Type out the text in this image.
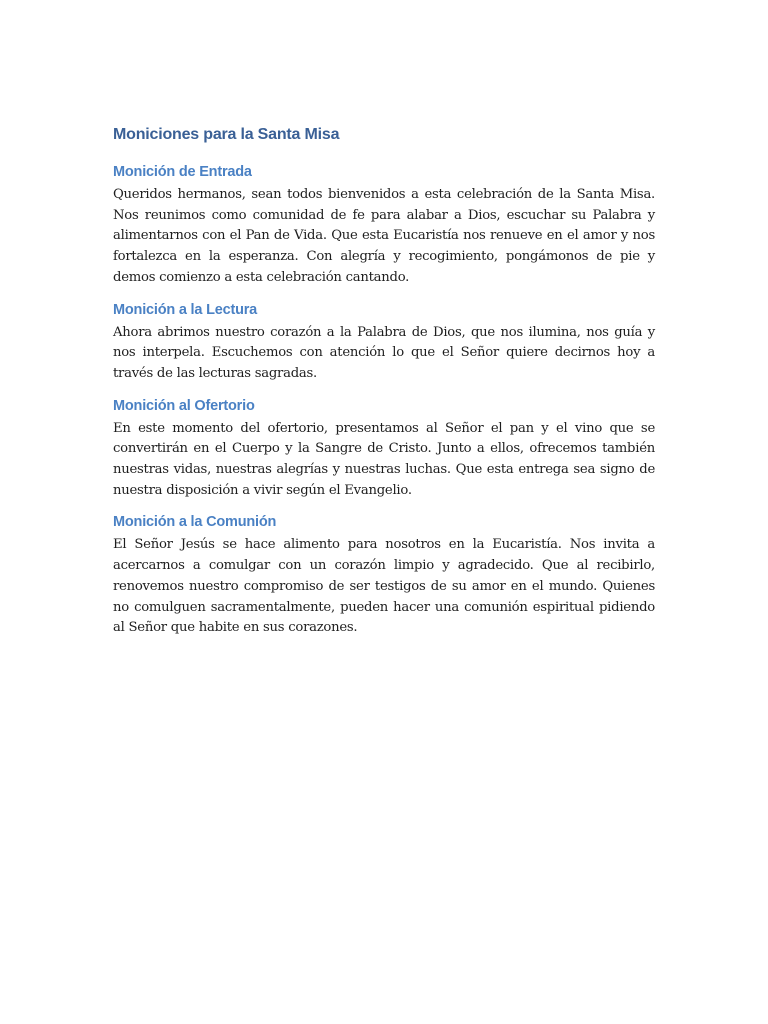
Moniciones para la Santa Misa
Monición de Entrada

Queridos hermanos, sean todos bienvenidos a esta celebración de la Santa Misa. Nos reunimos como comunidad de fe para alabar a Dios, escuchar su Palabra y alimentarnos con el Pan de Vida. Que esta Eucaristía nos renueve en el amor y nos fortalezca en la esperanza. Con alegría y recogimiento, pongámonos de pie y demos comienzo a esta celebración cantando.

Monición a la Lectura

Ahora abrimos nuestro corazón a la Palabra de Dios, que nos ilumina, nos guía y nos interpela. Escuchemos con atención lo que el Señor quiere decirnos hoy a través de las lecturas sagradas.

Monición al Ofertorio

En este momento del ofertorio, presentamos al Señor el pan y el vino que se convertirán en el Cuerpo y la Sangre de Cristo. Junto a ellos, ofrecemos también nuestras vidas, nuestras alegrías y nuestras luchas. Que esta entrega sea signo de nuestra disposición a vivir según el Evangelio.

Monición a la Comunión

El Señor Jesús se hace alimento para nosotros en la Eucaristía. Nos invita a acercarnos a comulgar con un corazón limpio y agradecido. Que al recibirlo, renovemos nuestro compromiso de ser testigos de su amor en el mundo. Quienes no comulguen sacramentalmente, pueden hacer una comunión espiritual pidiendo al Señor que habite en sus corazones.
